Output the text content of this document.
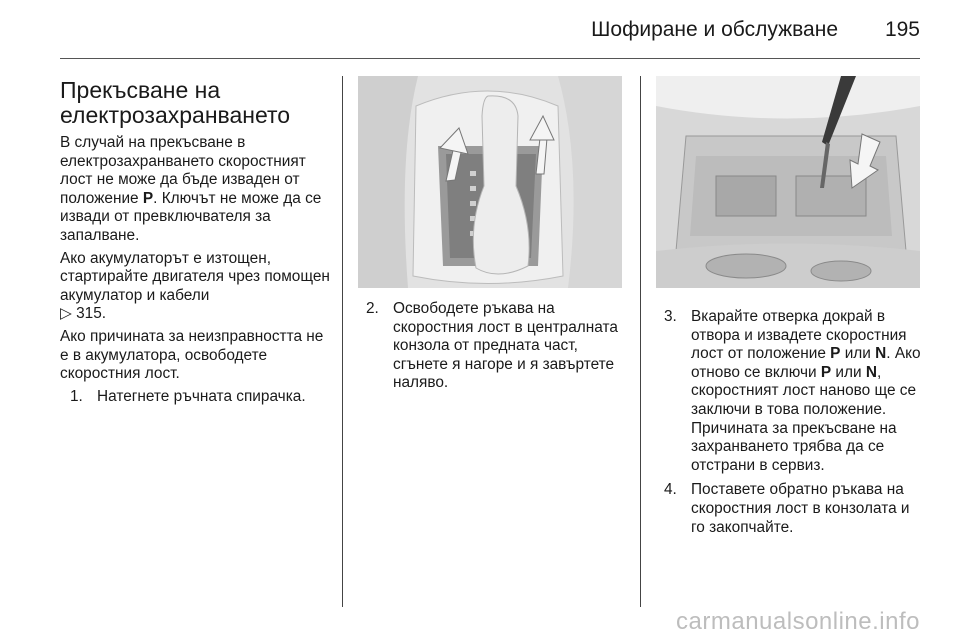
Шофиране и обслужване 195
Прекъсване на
електрозахранването

В случай на прекъсване в електрозахранването скоростният лост не може да бъде изваден от положение P. Ключът не може да се извади от превключвателя за запалване.

Ако акумулаторът е изтощен, стартирайте двигателя чрез помощен акумулатор и кабели
▷ 315.

Ако причината за неизправността не е в акумулатора, освободете скоростния лост.

1. Натегнете ръчната спирачка.
2. Освободете ръкава на скоростния лост в централната конзола от предната част, сгънете я нагоре и я завъртете наляво.
3. Вкарайте отверка докрай в отвора и извадете скоростния лост от положение P или N. Ако отново се включи P или N, скоростният лост наново ще се заключи в това положение. Причината за прекъсване на захранването трябва да се отстрани в сервиз.
4. Поставете обратно ръкава на скоростния лост в конзолата и го закопчайте.
carmanualsonline.info
